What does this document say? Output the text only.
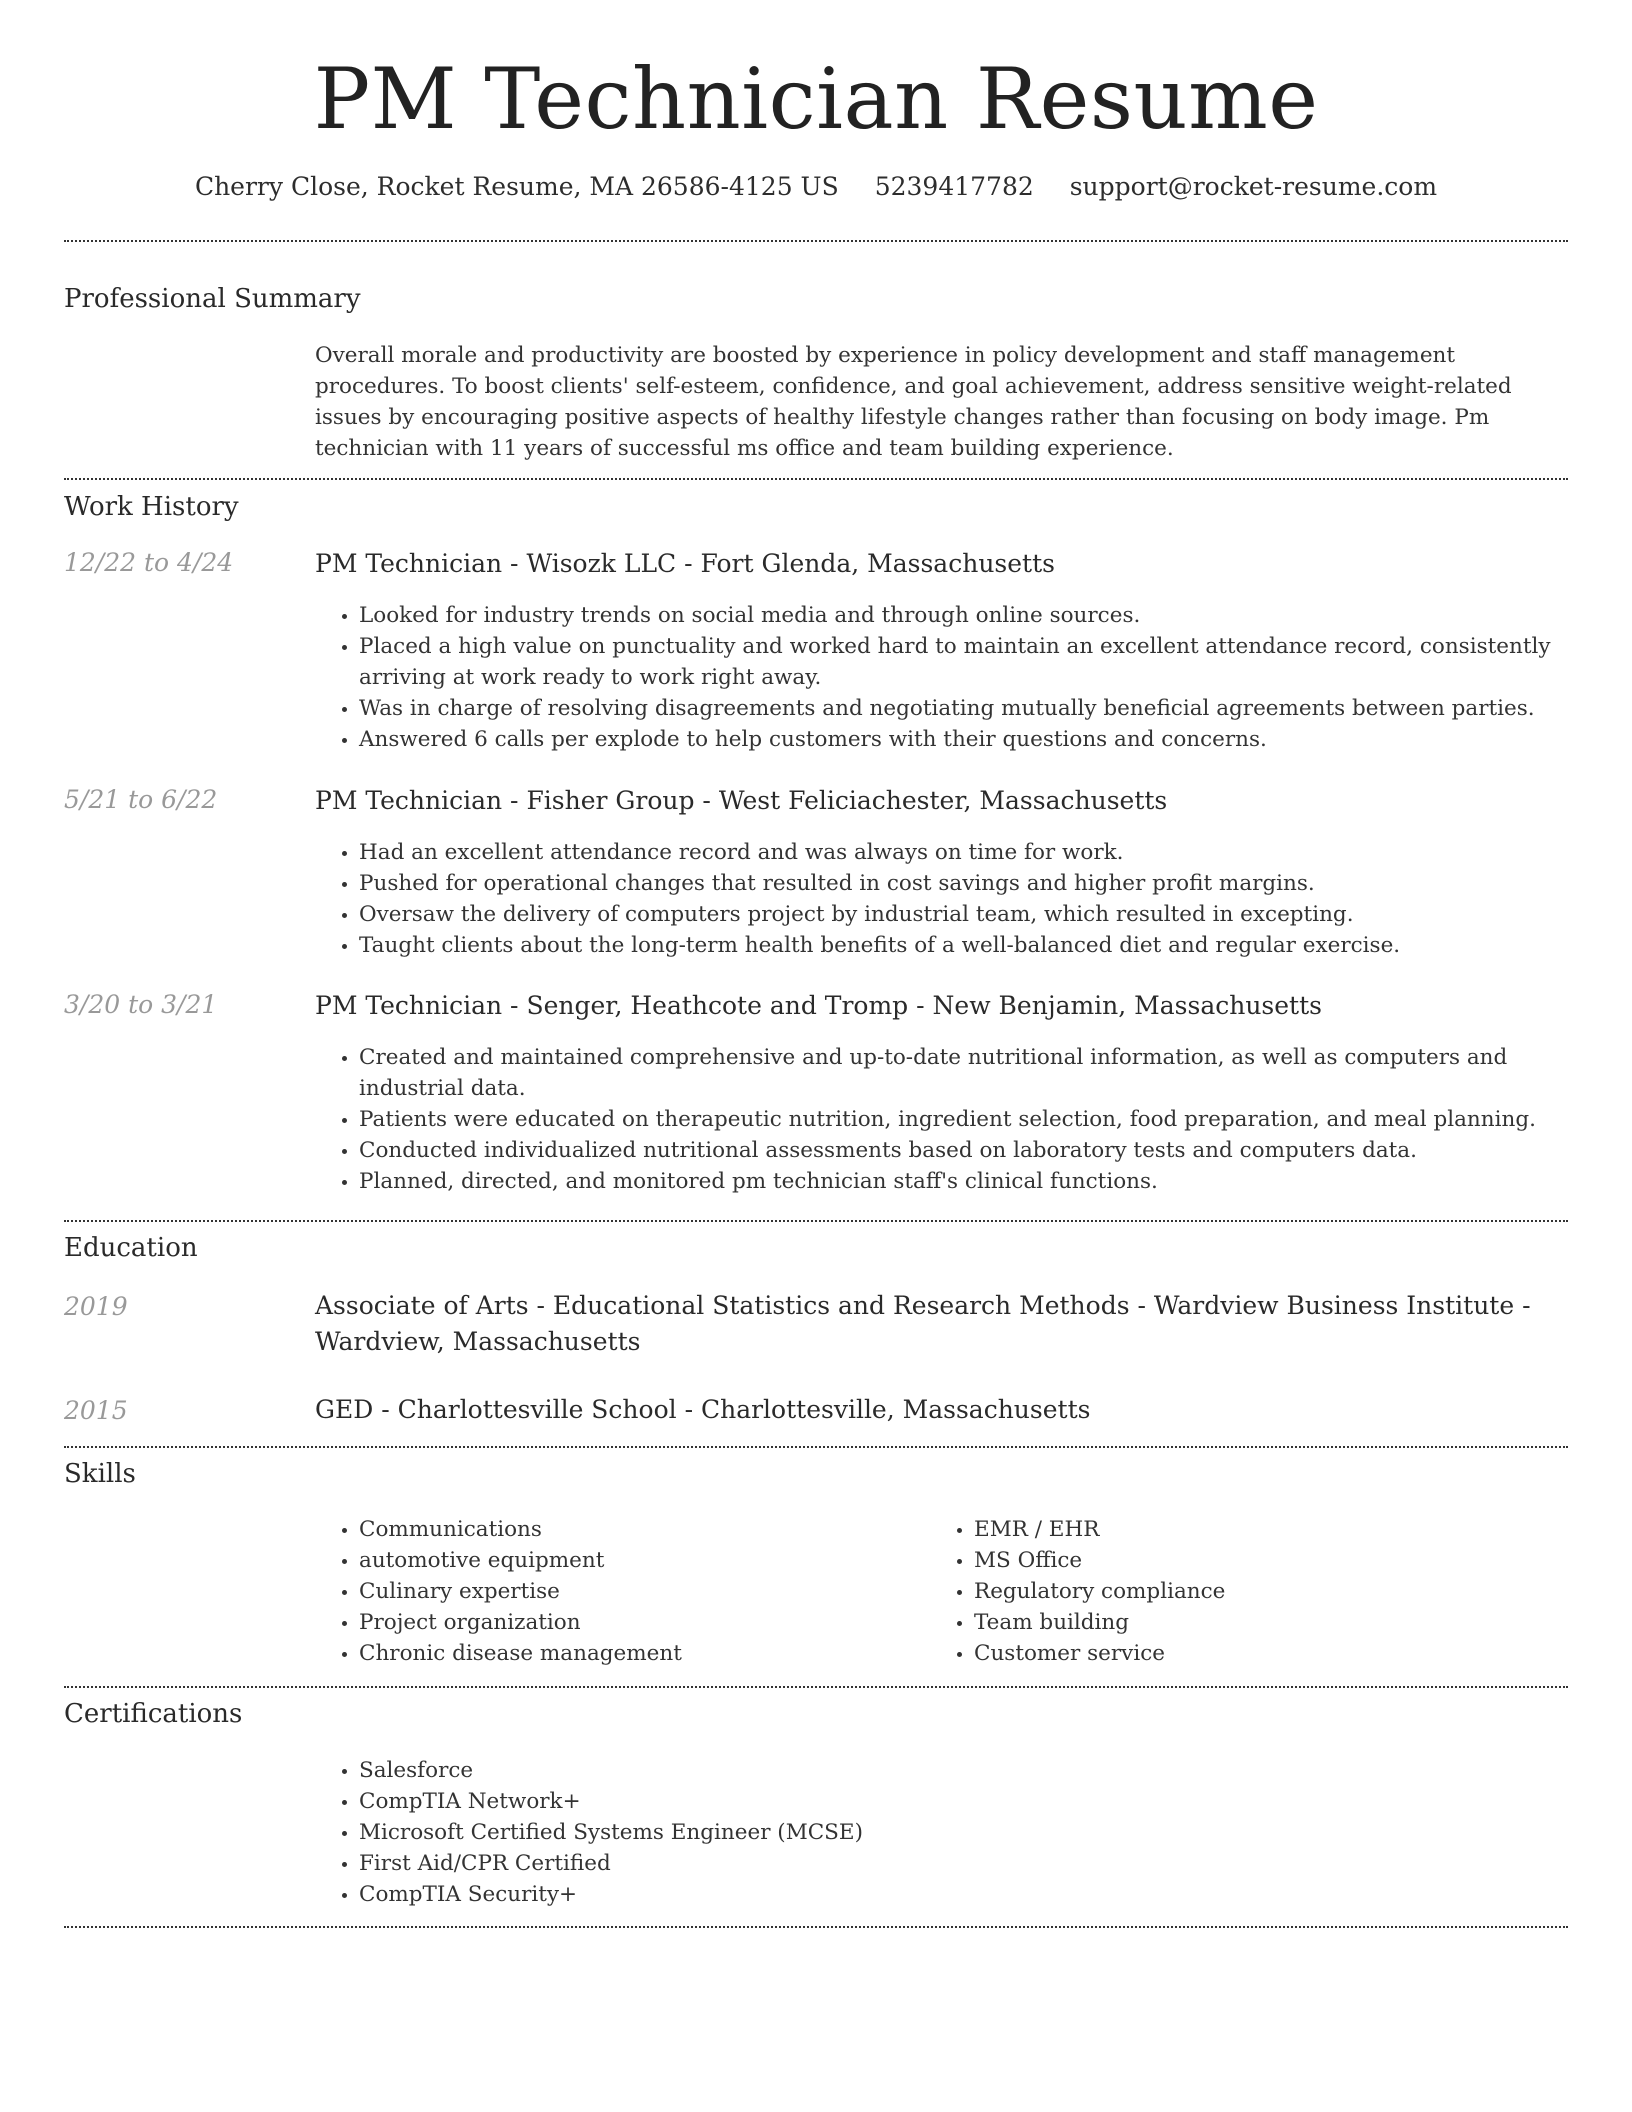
PM Technician Resume
Cherry Close, Rocket Resume, MA 26586-4125 US 5239417782 support@rocket-resume.com
Professional Summary

Overall morale and productivity are boosted by experience in policy development and staff management procedures. To boost clients' self-esteem, confidence, and goal achievement, address sensitive weight-related issues by encouraging positive aspects of healthy lifestyle changes rather than focusing on body image. Pm technician with 11 years of successful ms office and team building experience.

Work History
12/22 to 4/24	PM Technician - Wisozk LLC - Fort Glenda, Massachusetts
• Looked for industry trends on social media and through online sources.
• Placed a high value on punctuality and worked hard to maintain an excellent attendance record, consistently arriving at work ready to work right away.
• Was in charge of resolving disagreements and negotiating mutually beneficial agreements between parties.
• Answered 6 calls per explode to help customers with their questions and concerns.
5/21 to 6/22	PM Technician - Fisher Group - West Feliciachester, Massachusetts
• Had an excellent attendance record and was always on time for work.
• Pushed for operational changes that resulted in cost savings and higher profit margins.
• Oversaw the delivery of computers project by industrial team, which resulted in excepting.
• Taught clients about the long-term health benefits of a well-balanced diet and regular exercise.
3/20 to 3/21	PM Technician - Senger, Heathcote and Tromp - New Benjamin, Massachusetts
• Created and maintained comprehensive and up-to-date nutritional information, as well as computers and industrial data.
• Patients were educated on therapeutic nutrition, ingredient selection, food preparation, and meal planning.
• Conducted individualized nutritional assessments based on laboratory tests and computers data.
• Planned, directed, and monitored pm technician staff's clinical functions.
Education
2019	Associate of Arts - Educational Statistics and Research Methods - Wardview Business Institute - Wardview, Massachusetts
2015	GED - Charlottesville School - Charlottesville, Massachusetts
Skills
• Communications
• automotive equipment
• Culinary expertise
• Project organization
• Chronic disease management
• EMR / EHR
• MS Office
• Regulatory compliance
• Team building
• Customer service
Certifications
• Salesforce
• CompTIA Network+
• Microsoft Certified Systems Engineer (MCSE)
• First Aid/CPR Certified
• CompTIA Security+
